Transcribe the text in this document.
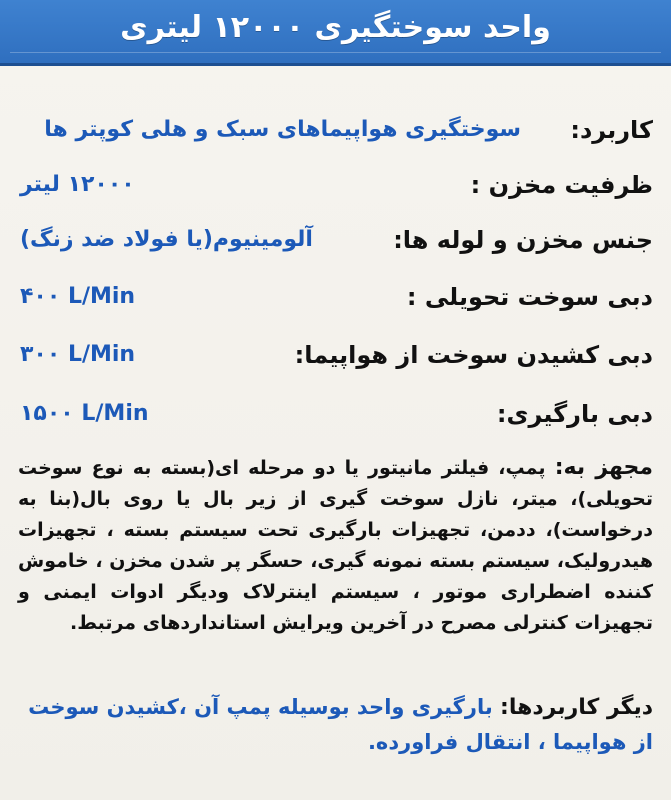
واحد سوختگیری ۱۲۰۰۰ لیتری
کاربرد:
سوختگیری هواپیماهای سبک و هلی کوپتر ها
ظرفیت مخزن :
۱۲۰۰۰ لیتر
جنس مخزن و لوله ها:
آلومینیوم(یا فولاد ضد زنگ)
دبی سوخت تحویلی :
۴۰۰ L/Min
دبی کشیدن سوخت از هواپیما:
۳۰۰ L/Min
دبی بارگیری:
۱۵۰۰ L/Min
مجهز به: پمپ، فیلتر مانیتور یا دو مرحله ای(بسته به نوع سوخت تحویلی)، میتر، نازل سوخت گیری از زیر بال یا روی بال(بنا به درخواست)، ددمن، تجهیزات بارگیری تحت سیستم بسته ، تجهیزات هیدرولیک، سیستم بسته نمونه گیری، حسگر پر شدن مخزن ، خاموش کننده اضطراری موتور ، سیستم اینترلاک ودیگر ادوات ایمنی و تجهیزات کنترلی مصرح در آخرین ویرایش استانداردهای مرتبط.
دیگر کاربردها: بارگیری واحد بوسیله پمپ آن ،کشیدن سوخت از هواپیما ، انتقال فراورده.
